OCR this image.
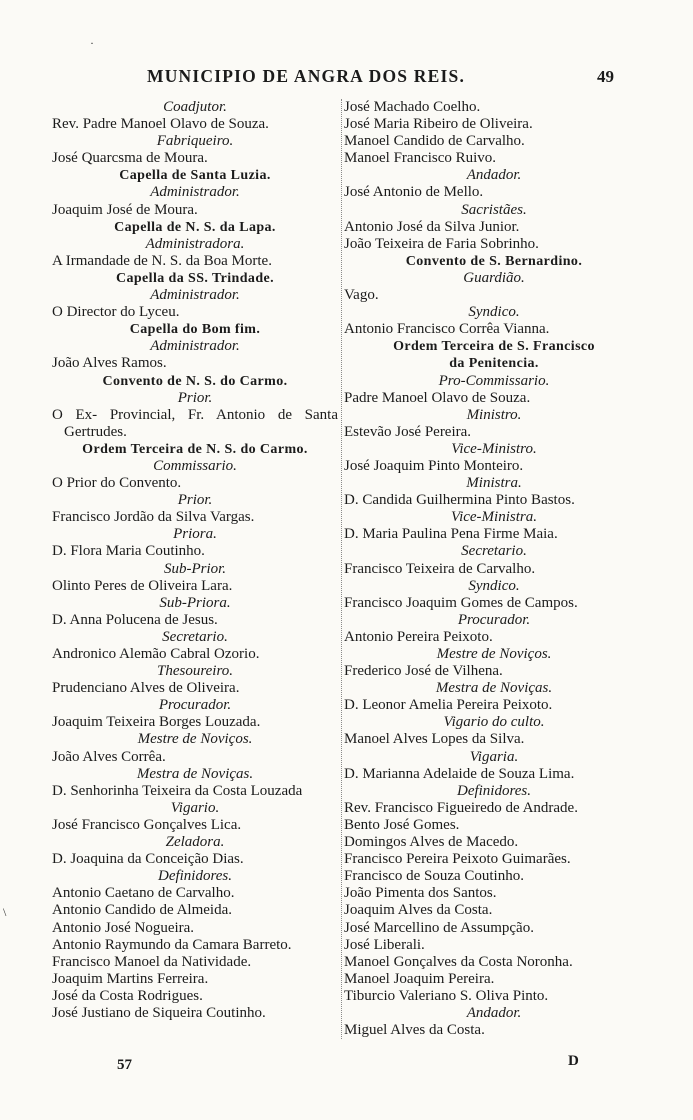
·
\
MUNICIPIO DE ANGRA DOS REIS.	49
Coadjutor.
Rev. Padre Manoel Olavo de Souza.
Fabriqueiro.
José Quarcsma de Moura.
Capella de Santa Luzia.
Administrador.
Joaquim José de Moura.
Capella de N. S. da Lapa.
Administradora.
A Irmandade de N. S. da Boa Morte.
Capella da SS. Trindade.
Administrador.
O Director do Lyceu.
Capella do Bom fim.
Administrador.
João Alves Ramos.
Convento de N. S. do Carmo.
Prior.
O Ex- Provincial, Fr. Antonio de Santa
Gertrudes.
Ordem Terceira de N. S. do Carmo.
Commissario.
O Prior do Convento.
Prior.
Francisco Jordão da Silva Vargas.
Priora.
D. Flora Maria Coutinho.
Sub-Prior.
Olinto Peres de Oliveira Lara.
Sub-Priora.
D. Anna Polucena de Jesus.
Secretario.
Andronico Alemão Cabral Ozorio.
Thesoureiro.
Prudenciano Alves de Oliveira.
Procurador.
Joaquim Teixeira Borges Louzada.
Mestre de Noviços.
João Alves Corrêa.
Mestra de Noviças.
D. Senhorinha Teixeira da Costa Louzada
Vigario.
José Francisco Gonçalves Lica.
Zeladora.
D. Joaquina da Conceição Dias.
Definidores.
Antonio Caetano de Carvalho.
Antonio Candido de Almeida.
Antonio José Nogueira.
Antonio Raymundo da Camara Barreto.
Francisco Manoel da Natividade.
Joaquim Martins Ferreira.
José da Costa Rodrigues.
José Justiano de Siqueira Coutinho.
José Machado Coelho.
José Maria Ribeiro de Oliveira.
Manoel Candido de Carvalho.
Manoel Francisco Ruivo.
Andador.
José Antonio de Mello.
Sacristães.
Antonio José da Silva Junior.
João Teixeira de Faria Sobrinho.
Convento de S. Bernardino.
Guardião.
Vago.
Syndico.
Antonio Francisco Corrêa Vianna.
Ordem Terceira de S. Francisco
da Penitencia.
Pro-Commissario.
Padre Manoel Olavo de Souza.
Ministro.
Estevão José Pereira.
Vice-Ministro.
José Joaquim Pinto Monteiro.
Ministra.
D. Candida Guilhermina Pinto Bastos.
Vice-Ministra.
D. Maria Paulina Pena Firme Maia.
Secretario.
Francisco Teixeira de Carvalho.
Syndico.
Francisco Joaquim Gomes de Campos.
Procurador.
Antonio Pereira Peixoto.
Mestre de Noviços.
Frederico José de Vilhena.
Mestra de Noviças.
D. Leonor Amelia Pereira Peixoto.
Vigario do culto.
Manoel Alves Lopes da Silva.
Vigaria.
D. Marianna Adelaide de Souza Lima.
Definidores.
Rev. Francisco Figueiredo de Andrade.
Bento José Gomes.
Domingos Alves de Macedo.
Francisco Pereira Peixoto Guimarães.
Francisco de Souza Coutinho.
João Pimenta dos Santos.
Joaquim Alves da Costa.
José Marcellino de Assumpção.
José Liberali.
Manoel Gonçalves da Costa Noronha.
Manoel Joaquim Pereira.
Tiburcio Valeriano S. Oliva Pinto.
Andador.
Miguel Alves da Costa.
57	D
